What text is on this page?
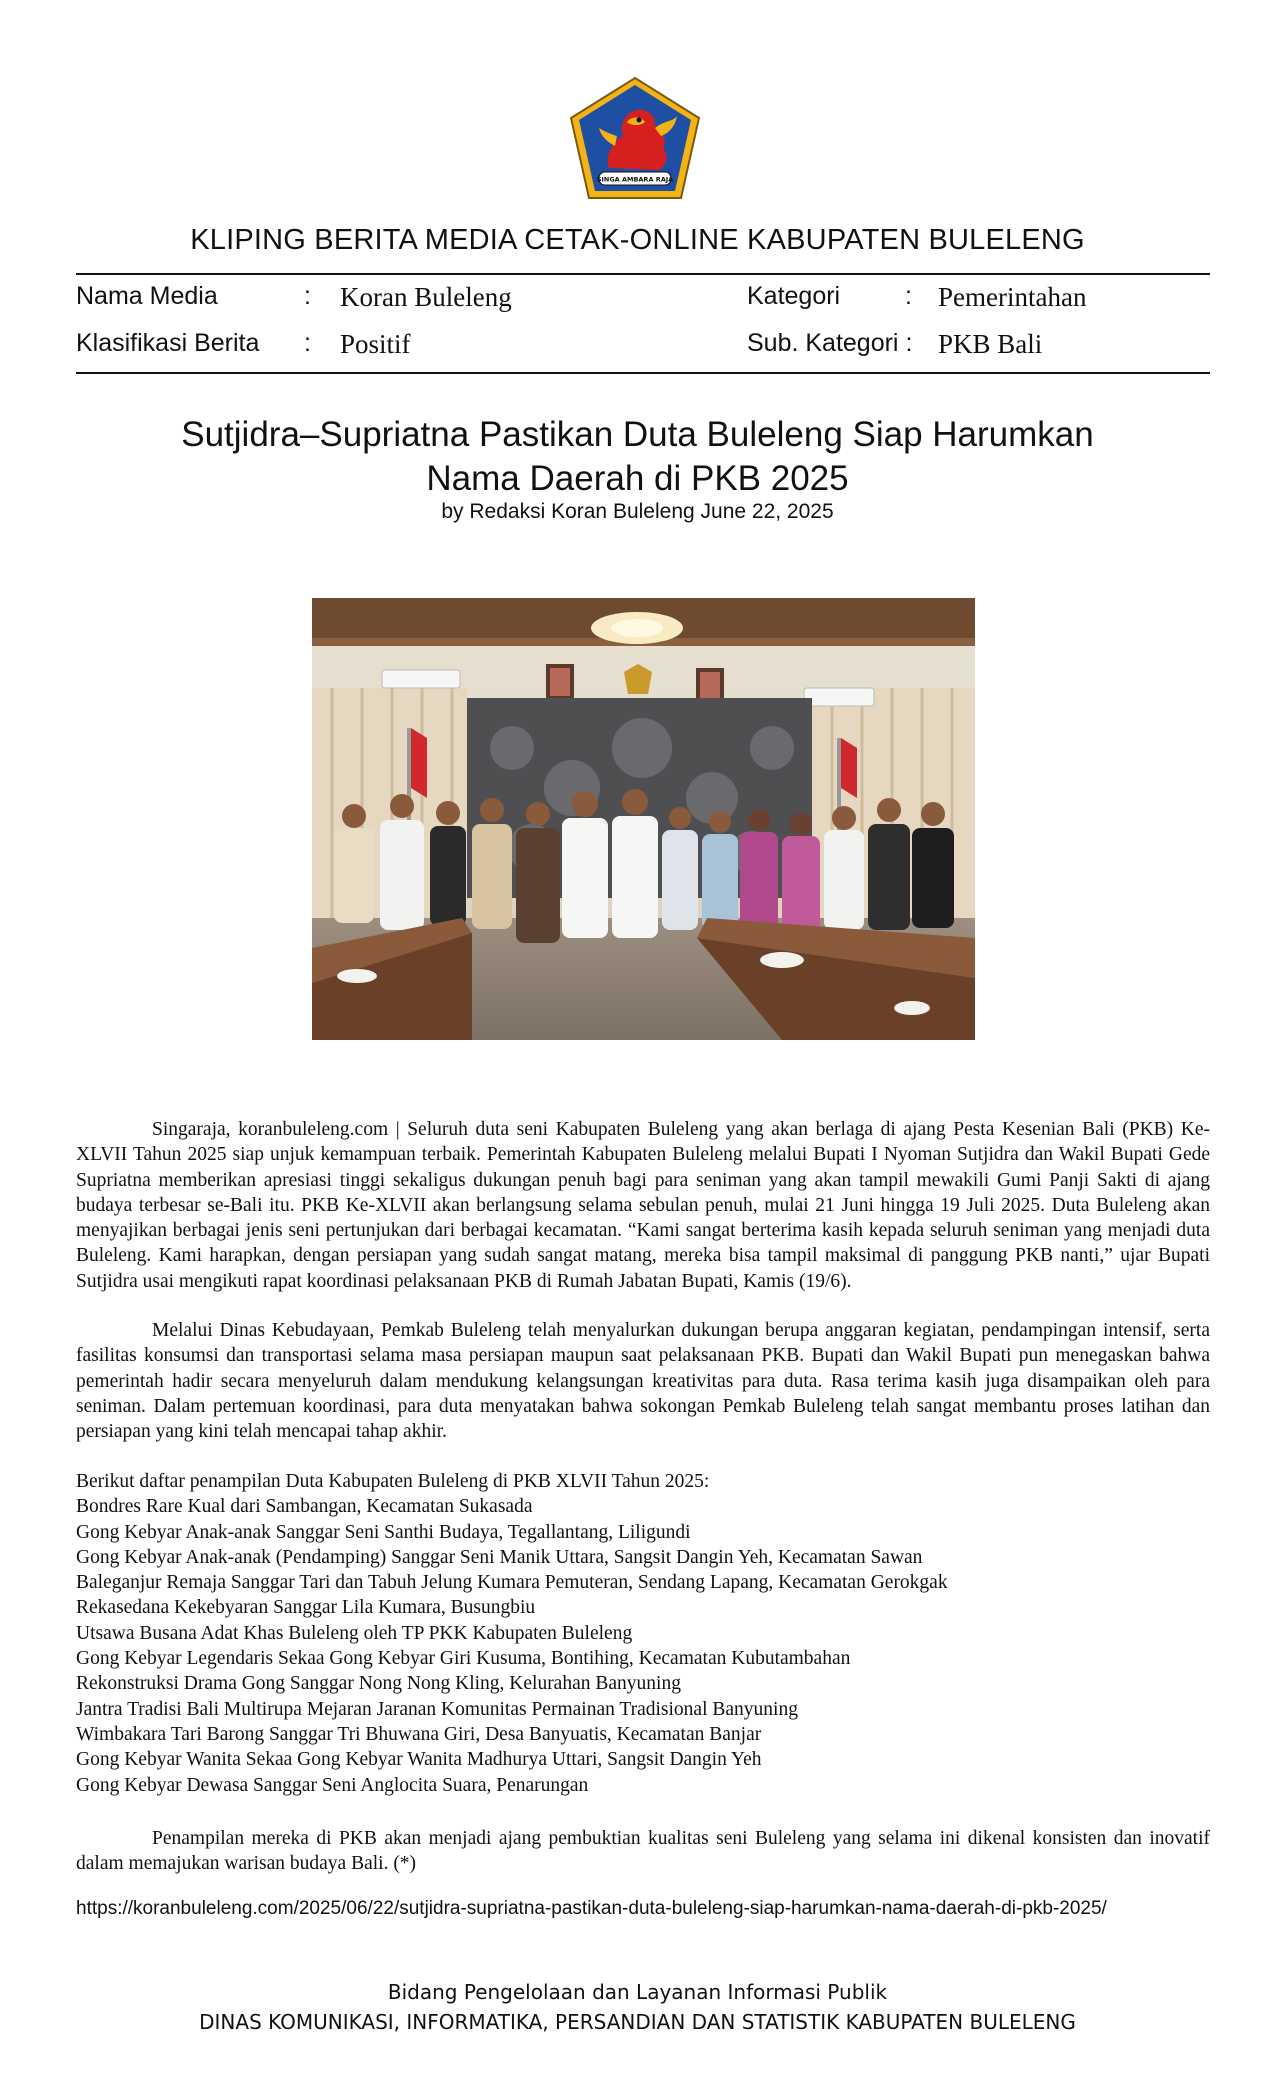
SINGA AMBARA RAJA
KLIPING BERITA MEDIA CETAK-ONLINE KABUPATEN BULELENG
Nama Media	: Koran Buleleng	Kategori	: Pemerintahan
Klasifikasi Berita : Positif	Sub. Kategori : PKB Bali
Sutjidra–Supriatna Pastikan Duta Buleleng Siap Harumkan
Nama Daerah di PKB 2025
by Redaksi Koran Buleleng June 22, 2025
Singaraja, koranbuleleng.com | Seluruh duta seni Kabupaten Buleleng yang akan berlaga di ajang Pesta Kesenian Bali (PKB) Ke-XLVII Tahun 2025 siap unjuk kemampuan terbaik. Pemerintah Kabupaten Buleleng melalui Bupati I Nyoman Sutjidra dan Wakil Bupati Gede Supriatna memberikan apresiasi tinggi sekaligus dukungan penuh bagi para seniman yang akan tampil mewakili Gumi Panji Sakti di ajang budaya terbesar se-Bali itu. PKB Ke-XLVII akan berlangsung selama sebulan penuh, mulai 21 Juni hingga 19 Juli 2025. Duta Buleleng akan menyajikan berbagai jenis seni pertunjukan dari berbagai kecamatan. “Kami sangat berterima kasih kepada seluruh seniman yang menjadi duta Buleleng. Kami harapkan, dengan persiapan yang sudah sangat matang, mereka bisa tampil maksimal di panggung PKB nanti,” ujar Bupati Sutjidra usai mengikuti rapat koordinasi pelaksanaan PKB di Rumah Jabatan Bupati, Kamis (19/6).
Melalui Dinas Kebudayaan, Pemkab Buleleng telah menyalurkan dukungan berupa anggaran kegiatan, pendampingan intensif, serta fasilitas konsumsi dan transportasi selama masa persiapan maupun saat pelaksanaan PKB. Bupati dan Wakil Bupati pun menegaskan bahwa pemerintah hadir secara menyeluruh dalam mendukung kelangsungan kreativitas para duta. Rasa terima kasih juga disampaikan oleh para seniman. Dalam pertemuan koordinasi, para duta menyatakan bahwa sokongan Pemkab Buleleng telah sangat membantu proses latihan dan persiapan yang kini telah mencapai tahap akhir.
Berikut daftar penampilan Duta Kabupaten Buleleng di PKB XLVII Tahun 2025:
Bondres Rare Kual dari Sambangan, Kecamatan Sukasada
Gong Kebyar Anak-anak Sanggar Seni Santhi Budaya, Tegallantang, Liligundi
Gong Kebyar Anak-anak (Pendamping) Sanggar Seni Manik Uttara, Sangsit Dangin Yeh, Kecamatan Sawan
Baleganjur Remaja Sanggar Tari dan Tabuh Jelung Kumara Pemuteran, Sendang Lapang, Kecamatan Gerokgak
Rekasedana Kekebyaran Sanggar Lila Kumara, Busungbiu
Utsawa Busana Adat Khas Buleleng oleh TP PKK Kabupaten Buleleng
Gong Kebyar Legendaris Sekaa Gong Kebyar Giri Kusuma, Bontihing, Kecamatan Kubutambahan
Rekonstruksi Drama Gong Sanggar Nong Nong Kling, Kelurahan Banyuning
Jantra Tradisi Bali Multirupa Mejaran Jaranan Komunitas Permainan Tradisional Banyuning
Wimbakara Tari Barong Sanggar Tri Bhuwana Giri, Desa Banyuatis, Kecamatan Banjar
Gong Kebyar Wanita Sekaa Gong Kebyar Wanita Madhurya Uttari, Sangsit Dangin Yeh
Gong Kebyar Dewasa Sanggar Seni Anglocita Suara, Penarungan
Penampilan mereka di PKB akan menjadi ajang pembuktian kualitas seni Buleleng yang selama ini dikenal konsisten dan inovatif dalam memajukan warisan budaya Bali. (*)
https://koranbuleleng.com/2025/06/22/sutjidra-supriatna-pastikan-duta-buleleng-siap-harumkan-nama-daerah-di-pkb-2025/
Bidang Pengelolaan dan Layanan Informasi Publik
DINAS KOMUNIKASI, INFORMATIKA, PERSANDIAN DAN STATISTIK KABUPATEN BULELENG
